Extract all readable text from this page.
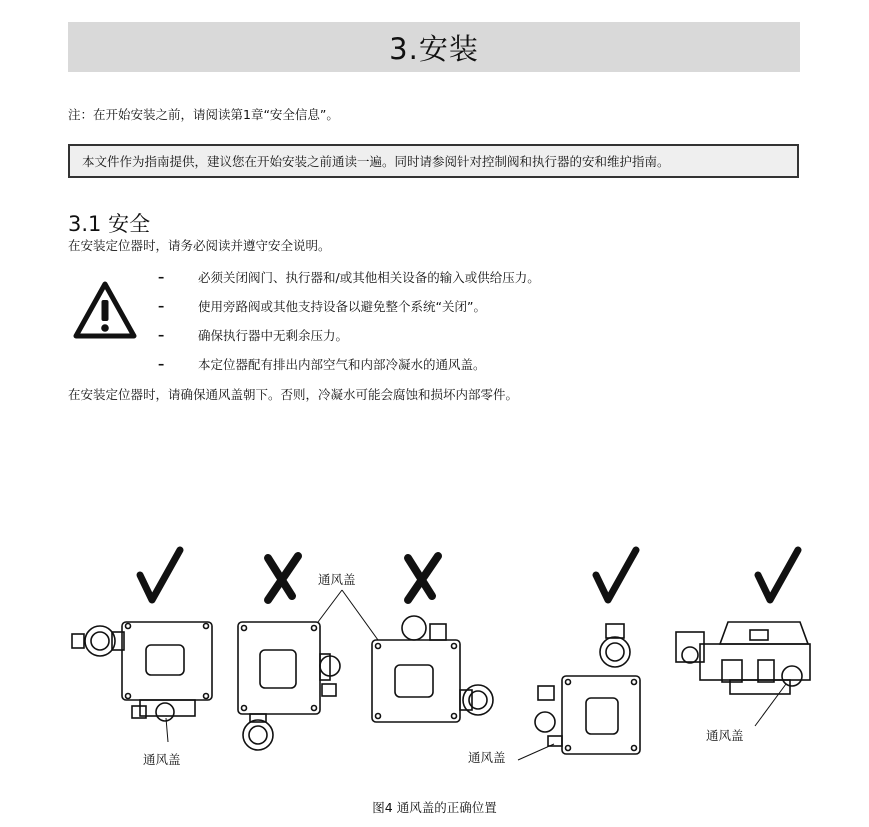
3.安装
注：在开始安装之前，请阅读第1章“安全信息”。
本文件作为指南提供，建议您在开始安装之前通读一遍。同时请参阅针对控制阀和执行器的安和维护指南。
3.1 安全
在安装定位器时，请务必阅读并遵守安全说明。
–	必须关闭阀门、执行器和/或其他相关设备的输入或供给压力。
–	使用旁路阀或其他支持设备以避免整个系统“关闭”。
–	确保执行器中无剩余压力。
–	本定位器配有排出内部空气和内部冷凝水的通风盖。
在安装定位器时，请确保通风盖朝下。否则，冷凝水可能会腐蚀和损坏内部零件。
通风盖
通风盖	通风盖
通风盖
图4 通风盖的正确位置
